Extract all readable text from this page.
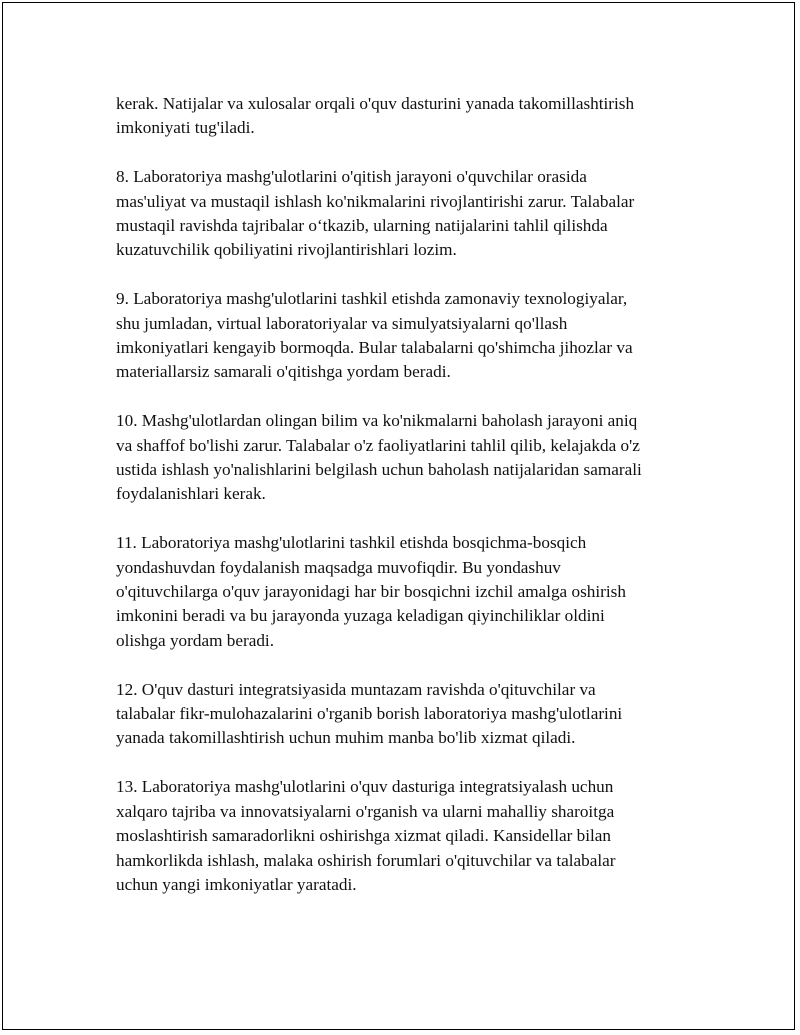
kerak. Natijalar va xulosalar orqali o'quv dasturini yanada takomillashtirish
imkoniyati tug'iladi.

8. Laboratoriya mashg'ulotlarini o'qitish jarayoni o'quvchilar orasida
mas'uliyat va mustaqil ishlash ko'nikmalarini rivojlantirishi zarur. Talabalar
mustaqil ravishda tajribalar o‘tkazib, ularning natijalarini tahlil qilishda
kuzatuvchilik qobiliyatini rivojlantirishlari lozim.

9. Laboratoriya mashg'ulotlarini tashkil etishda zamonaviy texnologiyalar,
shu jumladan, virtual laboratoriyalar va simulyatsiyalarni qo'llash
imkoniyatlari kengayib bormoqda. Bular talabalarni qo'shimcha jihozlar va
materiallarsiz samarali o'qitishga yordam beradi.

10. Mashg'ulotlardan olingan bilim va ko'nikmalarni baholash jarayoni aniq
va shaffof bo'lishi zarur. Talabalar o'z faoliyatlarini tahlil qilib, kelajakda o'z
ustida ishlash yo'nalishlarini belgilash uchun baholash natijalaridan samarali
foydalanishlari kerak.

11. Laboratoriya mashg'ulotlarini tashkil etishda bosqichma-bosqich
yondashuvdan foydalanish maqsadga muvofiqdir. Bu yondashuv
o'qituvchilarga o'quv jarayonidagi har bir bosqichni izchil amalga oshirish
imkonini beradi va bu jarayonda yuzaga keladigan qiyinchiliklar oldini
olishga yordam beradi.

12. O'quv dasturi integratsiyasida muntazam ravishda o'qituvchilar va
talabalar fikr-mulohazalarini o'rganib borish laboratoriya mashg'ulotlarini
yanada takomillashtirish uchun muhim manba bo'lib xizmat qiladi.

13. Laboratoriya mashg'ulotlarini o'quv dasturiga integratsiyalash uchun
xalqaro tajriba va innovatsiyalarni o'rganish va ularni mahalliy sharoitga
moslashtirish samaradorlikni oshirishga xizmat qiladi. Kansidellar bilan
hamkorlikda ishlash, malaka oshirish forumlari o'qituvchilar va talabalar
uchun yangi imkoniyatlar yaratadi.
